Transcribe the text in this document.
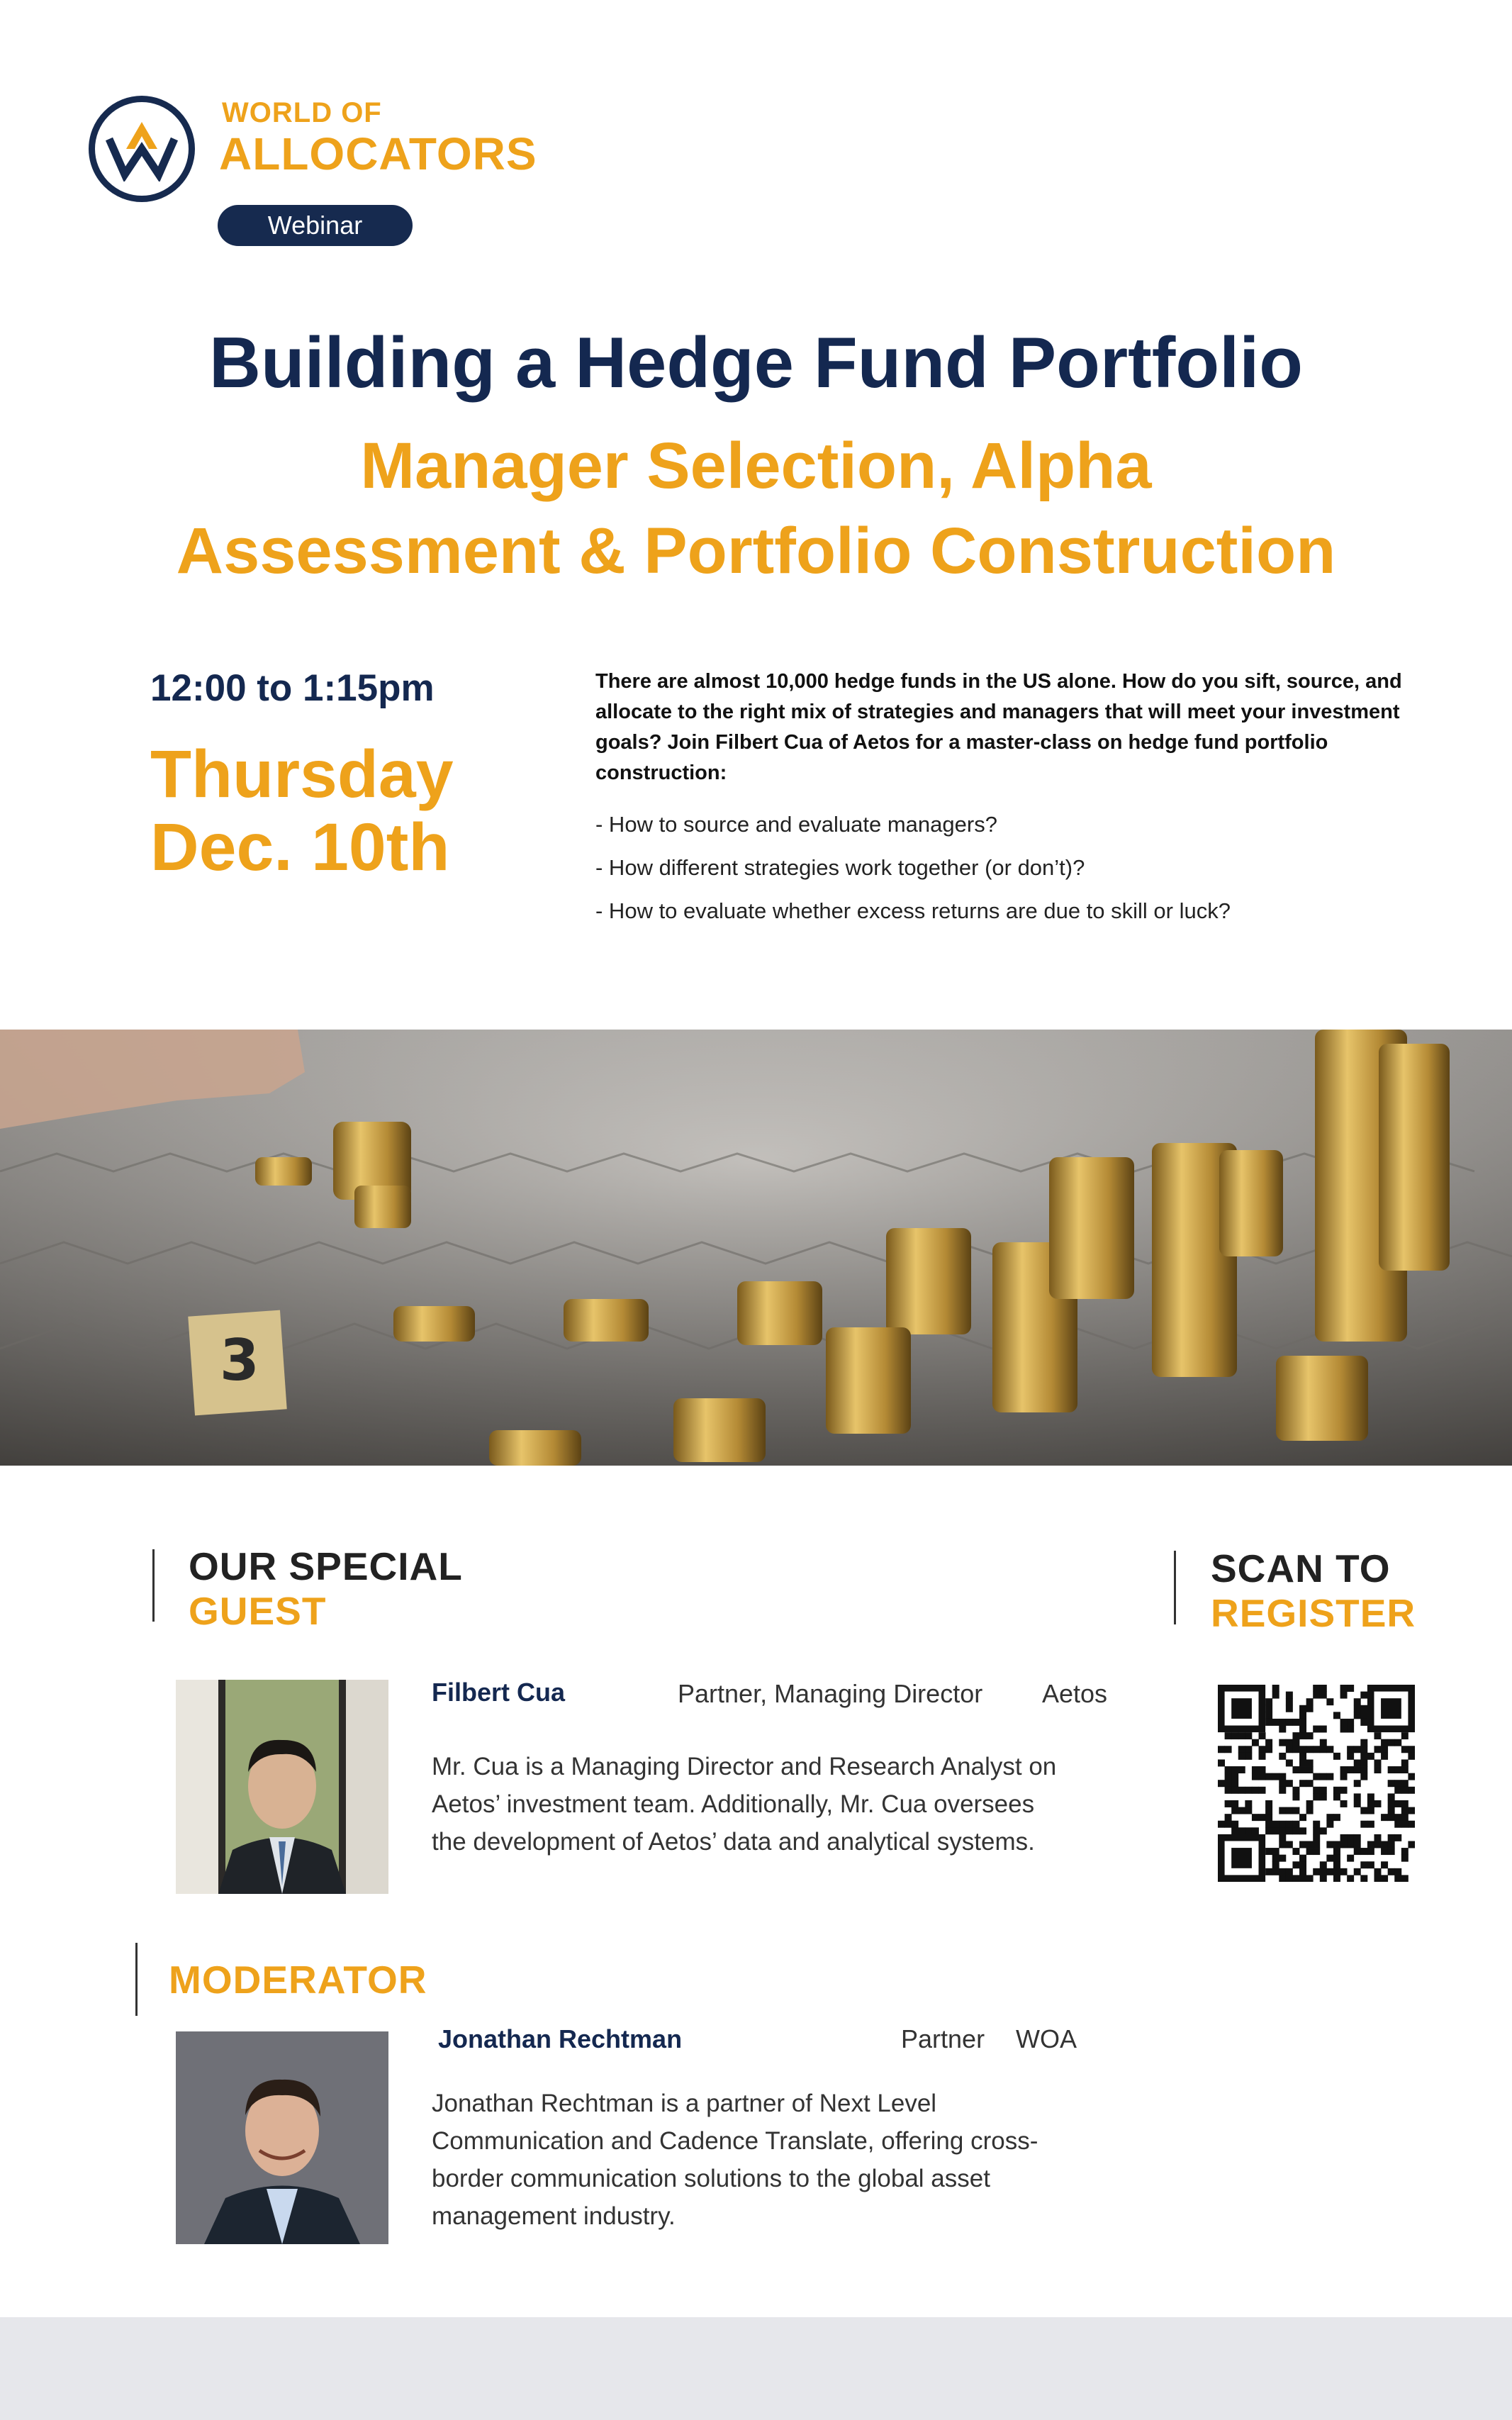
WORLD OF
ALLOCATORS
Webinar
Building a Hedge Fund Portfolio
Manager Selection, Alpha
Assessment & Portfolio Construction
12:00 to 1:15pm
Thursday
Dec. 10th
There are almost 10,000 hedge funds in the US alone. How do you sift, source, and allocate to the right mix of strategies and managers that will meet your investment goals? Join Filbert Cua of Aetos for a master-class on hedge fund portfolio construction:
- How to source and evaluate managers?
- How different strategies work together (or don’t)?
- How to evaluate whether excess returns are due to skill or luck?
3
OUR SPECIAL
GUEST
SCAN TO
REGISTER
Filbert Cua	Partner, Managing Director Aetos
Mr. Cua is a Managing Director and Research Analyst on
Aetos’ investment team. Additionally, Mr. Cua oversees
the development of Aetos’ data and analytical systems.
MODERATOR
Jonathan Rechtman	Partner WOA
Jonathan Rechtman is a partner of Next Level
Communication and Cadence Translate, offering cross-
border communication solutions to the global asset
management industry.
